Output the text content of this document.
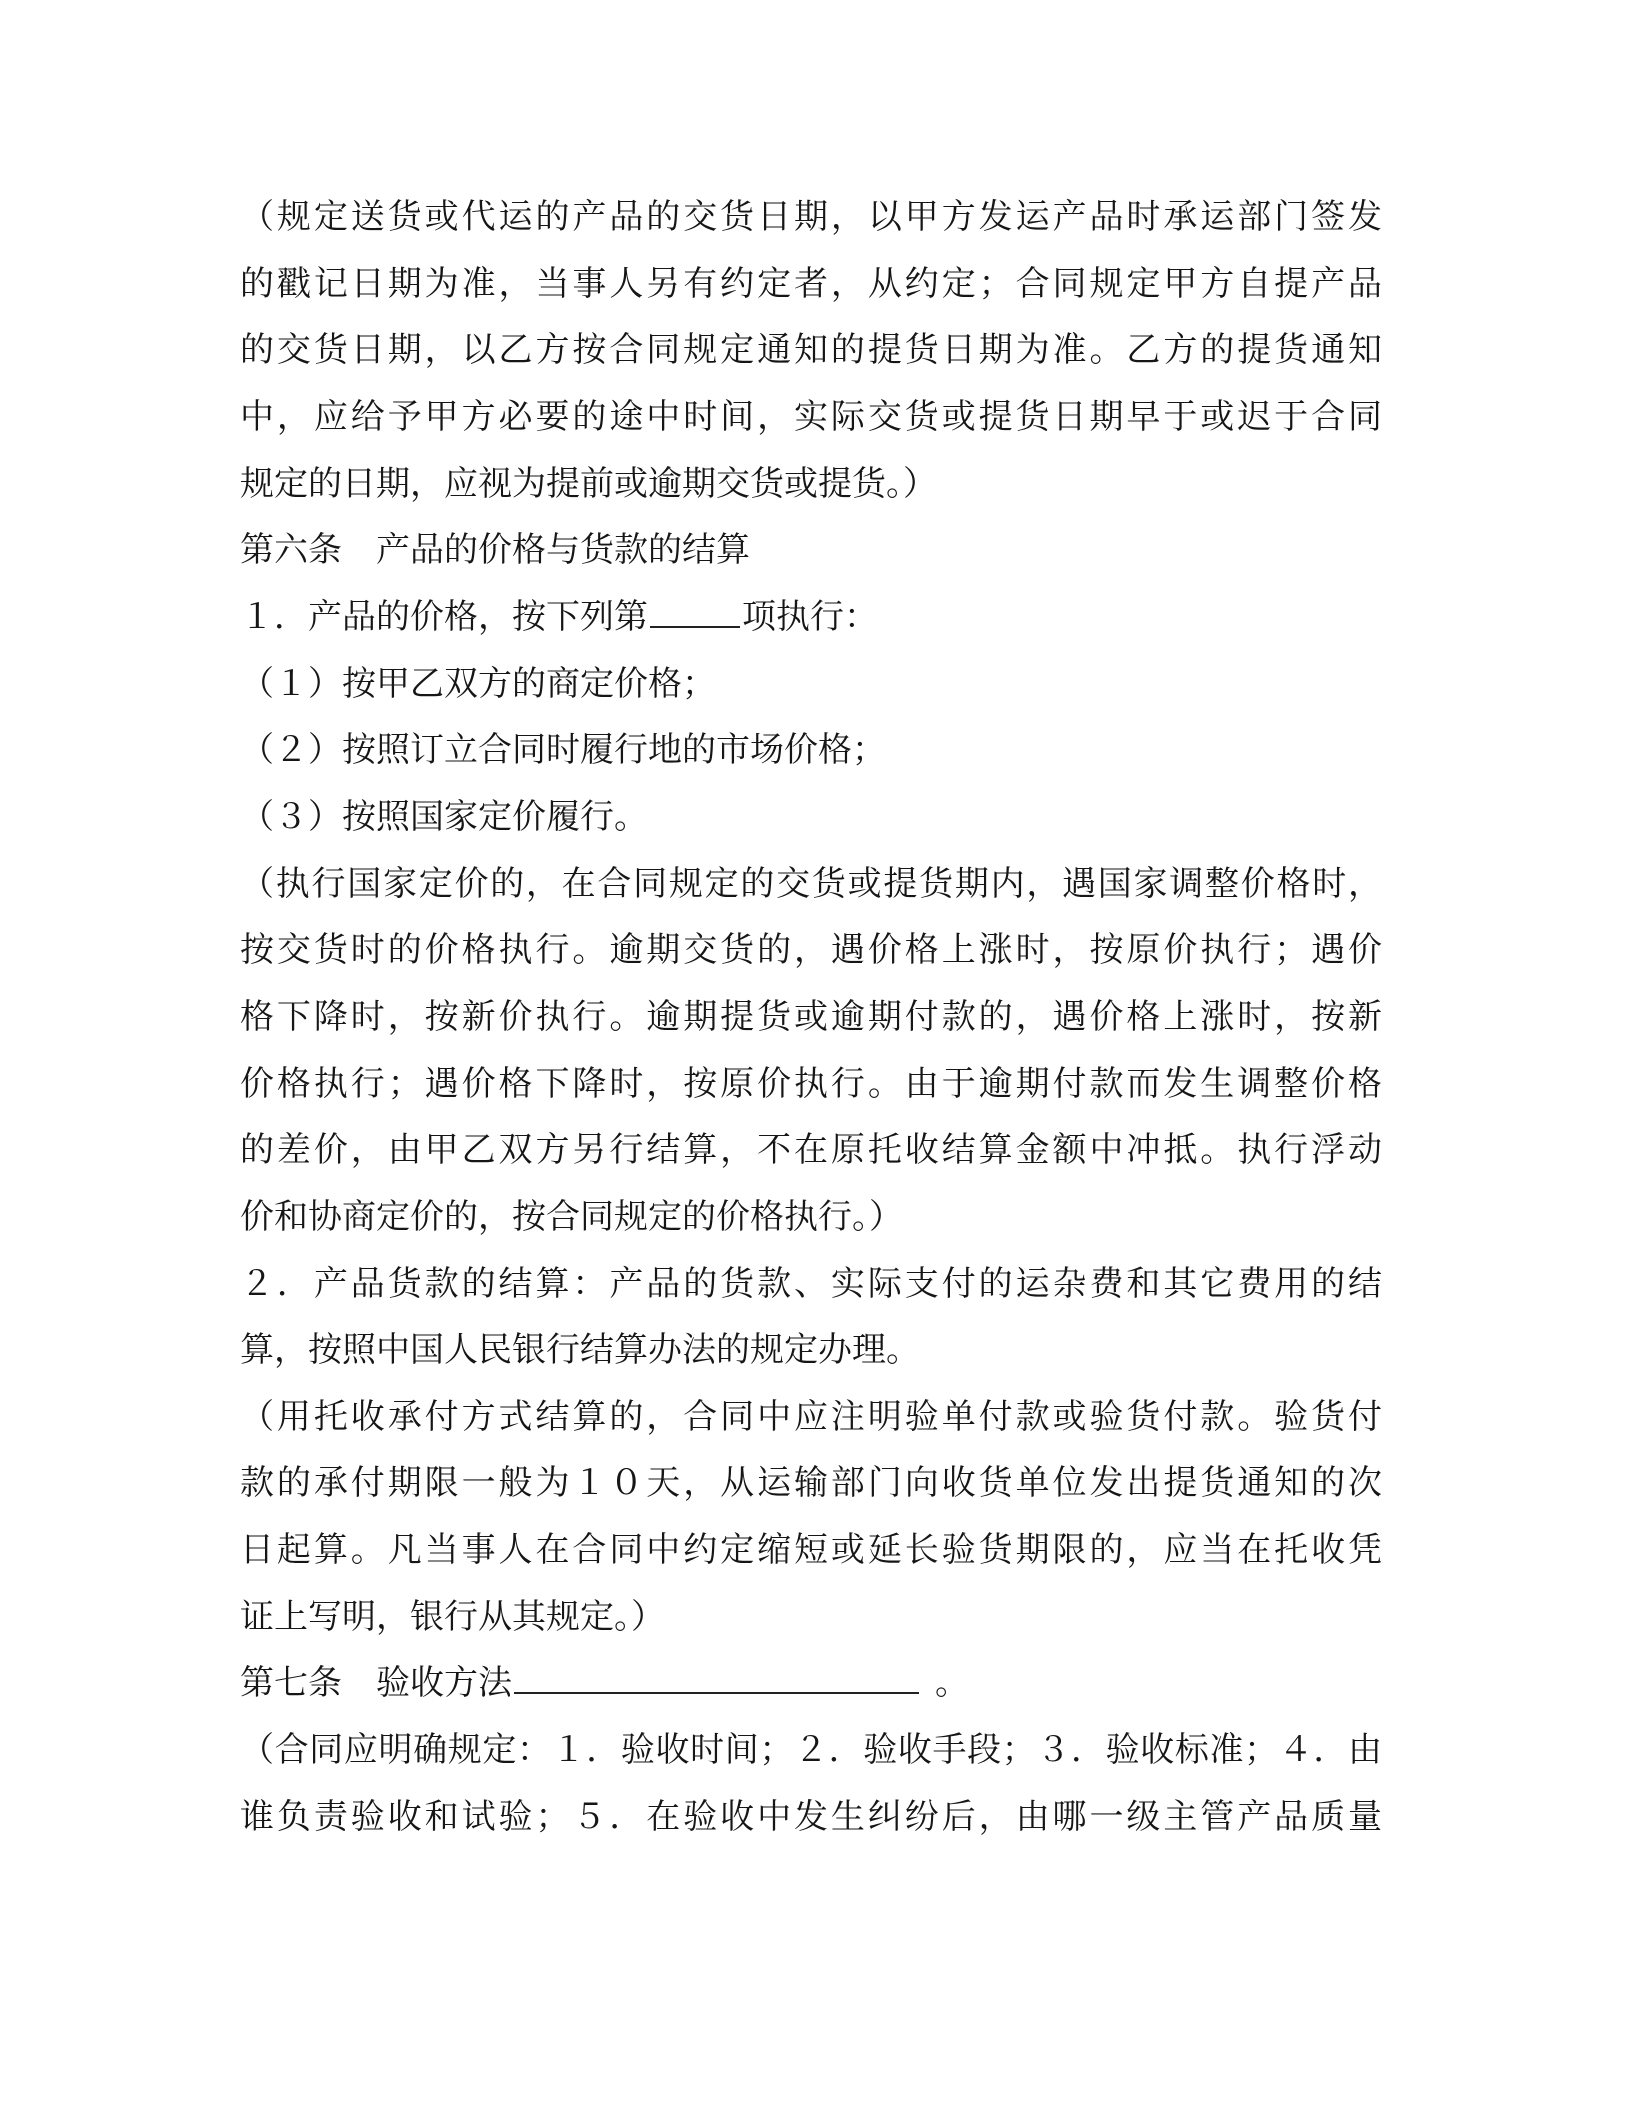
（规定送货或代运的产品的交货日期，以甲方发运产品时承运部门签发
的戳记日期为准，当事人另有约定者，从约定；合同规定甲方自提产品
的交货日期，以乙方按合同规定通知的提货日期为准。乙方的提货通知
中，应给予甲方必要的途中时间，实际交货或提货日期早于或迟于合同
规定的日期，应视为提前或逾期交货或提货。）
第六条　产品的价格与货款的结算
１．产品的价格，按下列第	项执行：
（１）按甲乙双方的商定价格；
（２）按照订立合同时履行地的市场价格；
（３）按照国家定价履行。
（执行国家定价的，在合同规定的交货或提货期内，遇国家调整价格时，
按交货时的价格执行。逾期交货的，遇价格上涨时，按原价执行；遇价
格下降时，按新价执行。逾期提货或逾期付款的，遇价格上涨时，按新
价格执行；遇价格下降时，按原价执行。由于逾期付款而发生调整价格
的差价，由甲乙双方另行结算，不在原托收结算金额中冲抵。执行浮动
价和协商定价的，按合同规定的价格执行。）
２．产品货款的结算：产品的货款、实际支付的运杂费和其它费用的结
算，按照中国人民银行结算办法的规定办理。
（用托收承付方式结算的，合同中应注明验单付款或验货付款。验货付
款的承付期限一般为１０天，从运输部门向收货单位发出提货通知的次
日起算。凡当事人在合同中约定缩短或延长验货期限的，应当在托收凭
证上写明，银行从其规定。）
第七条　验收方法	。
（合同应明确规定：１．验收时间；２．验收手段；３．验收标准；４．由
谁负责验收和试验；５．在验收中发生纠纷后，由哪一级主管产品质量
